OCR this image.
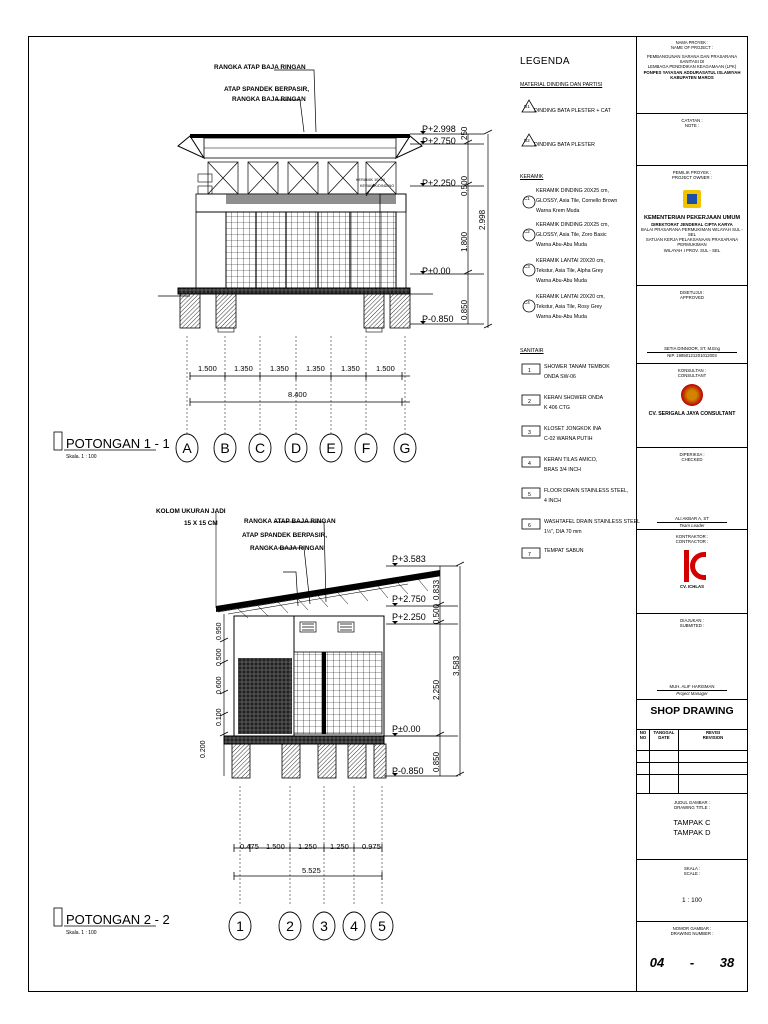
A B C D E F G
1	2 3 4 5
RANGKA ATAP BAJA RINGAN
ATAP SPANDEK BERPASIR,
RANGKA BAJA RINGAN
KERAMIK 10X20
KERAMIK/DINDING
P+2.998
P+2.750
P+2.250
P±0.00
P-0.850
250
0.500
1.800
0.850
2.998
1.500 1.350 1.350 1.350 1.350 1.500
8.400
POTONGAN 1 - 1
Skala. 1 : 100
KOLOM UKURAN JADI
15 X 15 CM	RANGKA ATAP BAJA RINGAN
ATAP SPANDEK BERPASIR,
RANGKA BAJA RINGAN
P+3.583
P+2.750
P+2.250
P±0.00
P-0.850
0.833
0.500
2.250
0.850
3.583
0.950
0.500
0.600
0.100
0.200
0.475 1.500 1.250 1.250 0.975
5.525
POTONGAN 2 - 2
Skala. 1 : 100
LEGENDA
MATERIAL DINDING DAN PARTISI
DINDING BATA PLESTER + CAT
DINDING BATA PLESTER
KERAMIK
KERAMIK DINDING 20X25 cm,
GLOSSY, Asia Tile, Cornello Brown
Warna Krem Muda
KERAMIK DINDING 20X25 cm,
GLOSSY, Asia Tile, Zoro Basic
Warna Abu-Abu Muda
KERAMIK LANTAI 20X20 cm,
Tekstur, Asia Tile, Alpha Grey
Warna Abu-Abu Muda
KERAMIK LANTAI 20X20 cm,
Tekstur, Asia Tile, Rosy Grey
Warna Abu-Abu Muda
SANITAIR
1
SHOWER TANAM TEMBOK
ONDA SW-06
2
KERAN SHOWER ONDA
K 406 CTG
3
KLOSET JONGKOK INA
C-02 WARNA PUTIH
4
KERAN TILAS AMICO,
BRAS 3/4 INCH
5
FLOOR DRAIN STAINLESS STEEL,
4 INCH
6
WASHTAFEL DRAIN STAINLESS STEEL
1½", DIA 70 mm
7
TEMPAT SABUN
NAMA PROYEK :
NAME OF PROJECT :
PEMBANGUNAN SARANA DAN PRASARANA SANITASI DI
LEMBAGA PENDIDIKAN KEAGAMAAN (LPK)
PONPES YAYASAN ADDURASATUL ISLAMIYAH
KABUPATEN MAROS
CATATAN :
NOTE :
PEMILIK PROYEK :
PROJECT OWNER :
KEMENTERIAN PEKERJAAN UMUM
DIREKTORAT JENDERAL CIPTA KARYA
BALAI PRASARANA PERMUKIMAN WILAYAH SUL - SEL
SATUAN KERJA PELAKSANAAN PRASARANA PERMUKIMAN
WILAYAH I PROV. SUL - SEL
DISETUJUI :
APPROVED
SETIA DINNOOR, ST. M.Eng
NIP. 19850121201012003
KONSULTAN :
CONSULTANT
CV. SERIGALA JAYA CONSULTANT
DIPERIKSA :
CHECKED
ALI AKBAR A, ST
Team Leader
KONTRAKTOR :
CONTRACTOR :
CV. ICHLAS
DIAJUKAN :
SUBMITED :
MUH. ALIF HARISMAN
Project Manager
SHOP DRAWING
NO
NO
TANGGAL
DATE
REVISI
REVISION
JUDUL GAMBAR :
DRAWING TITLE :
TAMPAK C
TAMPAK D
SKALA :
SCALE :
1 : 100
NOMOR GAMBAR :
DRAWING NUMBER :
04 - 38
D1
D2
C1
C2
C3
C4
